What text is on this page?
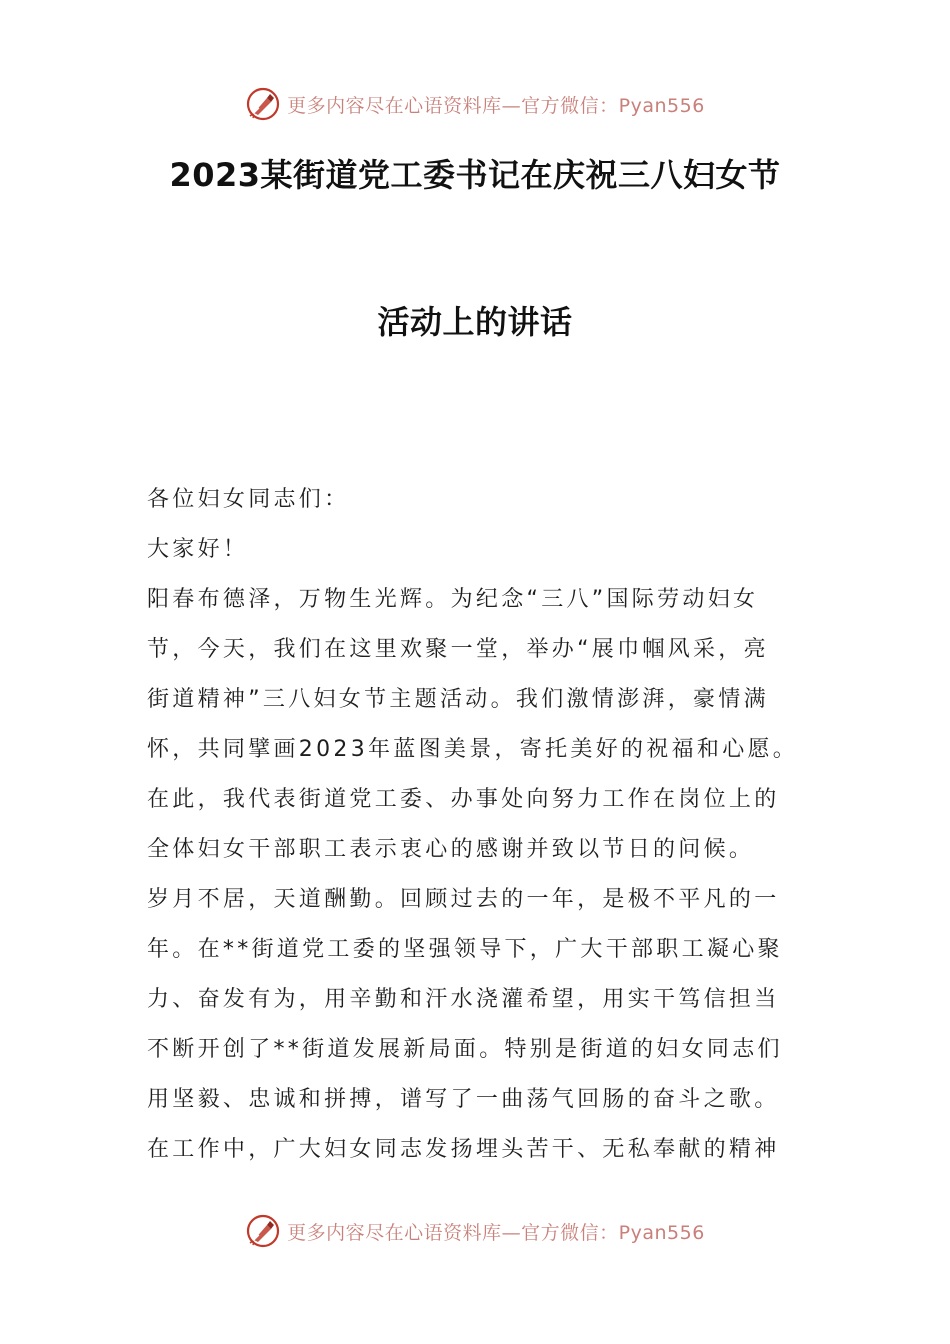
更多内容尽在心语资料库—官方微信：Pyan556
2023某街道党工委书记在庆祝三八妇女节
活动上的讲话
各位妇女同志们：
大家好！
阳春布德泽，万物生光辉。为纪念“三八”国际劳动妇女
节，今天，我们在这里欢聚一堂，举办“展巾帼风采，亮
街道精神”三八妇女节主题活动。我们激情澎湃，豪情满
怀，共同擘画2023年蓝图美景，寄托美好的祝福和心愿。
在此，我代表街道党工委、办事处向努力工作在岗位上的
全体妇女干部职工表示衷心的感谢并致以节日的问候。
岁月不居，天道酬勤。回顾过去的一年，是极不平凡的一
年。在**街道党工委的坚强领导下，广大干部职工凝心聚
力、奋发有为，用辛勤和汗水浇灌希望，用实干笃信担当
不断开创了**街道发展新局面。特别是街道的妇女同志们
用坚毅、忠诚和拼搏，谱写了一曲荡气回肠的奋斗之歌。
在工作中，广大妇女同志发扬埋头苦干、无私奉献的精神
更多内容尽在心语资料库—官方微信：Pyan556
